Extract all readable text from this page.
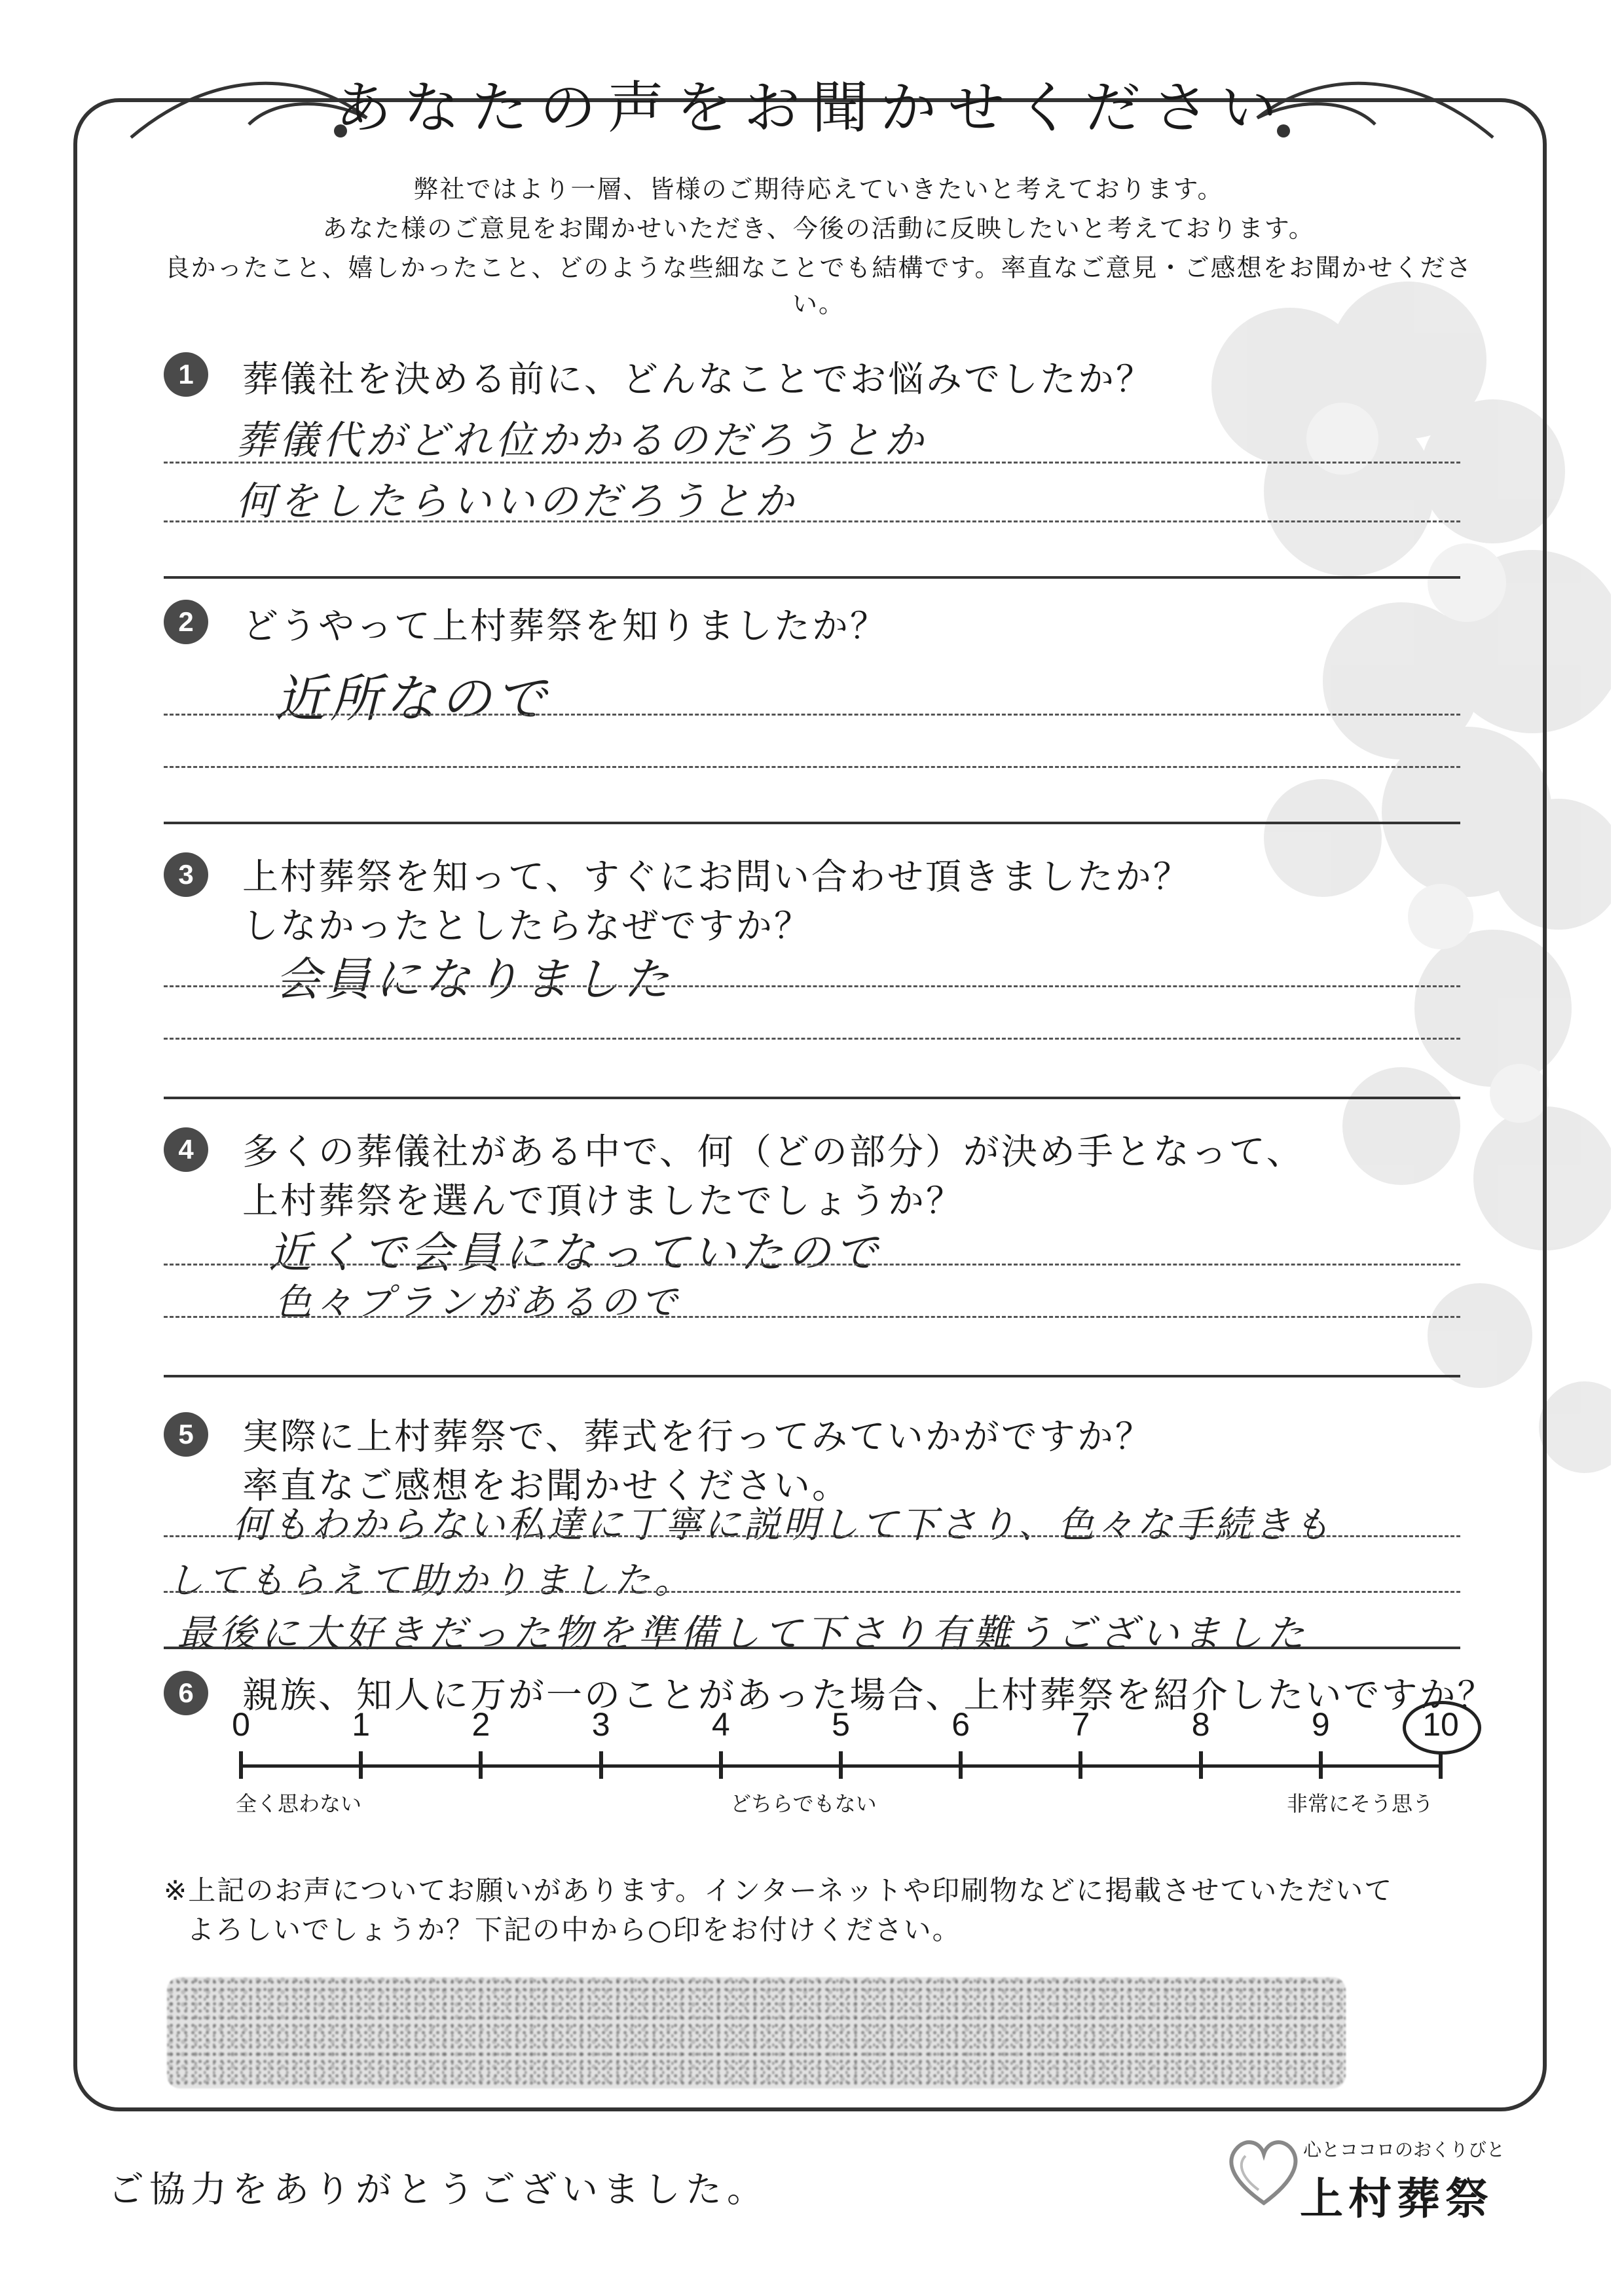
あなたの声をお聞かせください
弊社ではより一層、皆様のご期待応えていきたいと考えております。
あなた様のご意見をお聞かせいただき、今後の活動に反映したいと考えております。
良かったこと、嬉しかったこと、どのような些細なことでも結構です。率直なご意見・ご感想をお聞かせください。
1	葬儀社を決める前に、どんなことでお悩みでしたか？
葬儀代がどれ位かかるのだろうとか
何をしたらいいのだろうとか
2	どうやって上村葬祭を知りましたか？
近所なので
3	上村葬祭を知って、すぐにお問い合わせ頂きましたか？
しなかったとしたらなぜですか？
会員になりました
4	多くの葬儀社がある中で、何（どの部分）が決め手となって、
上村葬祭を選んで頂けましたでしょうか？
近くで会員になっていたので
色々プランがあるので
5	実際に上村葬祭で、葬式を行ってみていかがですか？
率直なご感想をお聞かせください。
何もわからない私達に丁寧に説明して下さり、色々な手続きも
してもらえて助かりました。
最後に大好きだった物を準備して下さり有難うございました
6	親族、知人に万が一のことがあった場合、上村葬祭を紹介したいですか？
0	1	2	3	4	5	6	7	8	9	10
全く思わない	どちらでもない	非常にそう思う
※上記のお声についてお願いがあります。インターネットや印刷物などに掲載させていただいて
よろしいでしょうか？下記の中から○印をお付けください。
ご協力をありがとうございました。
心とココロのおくりびと
上村葬祭
